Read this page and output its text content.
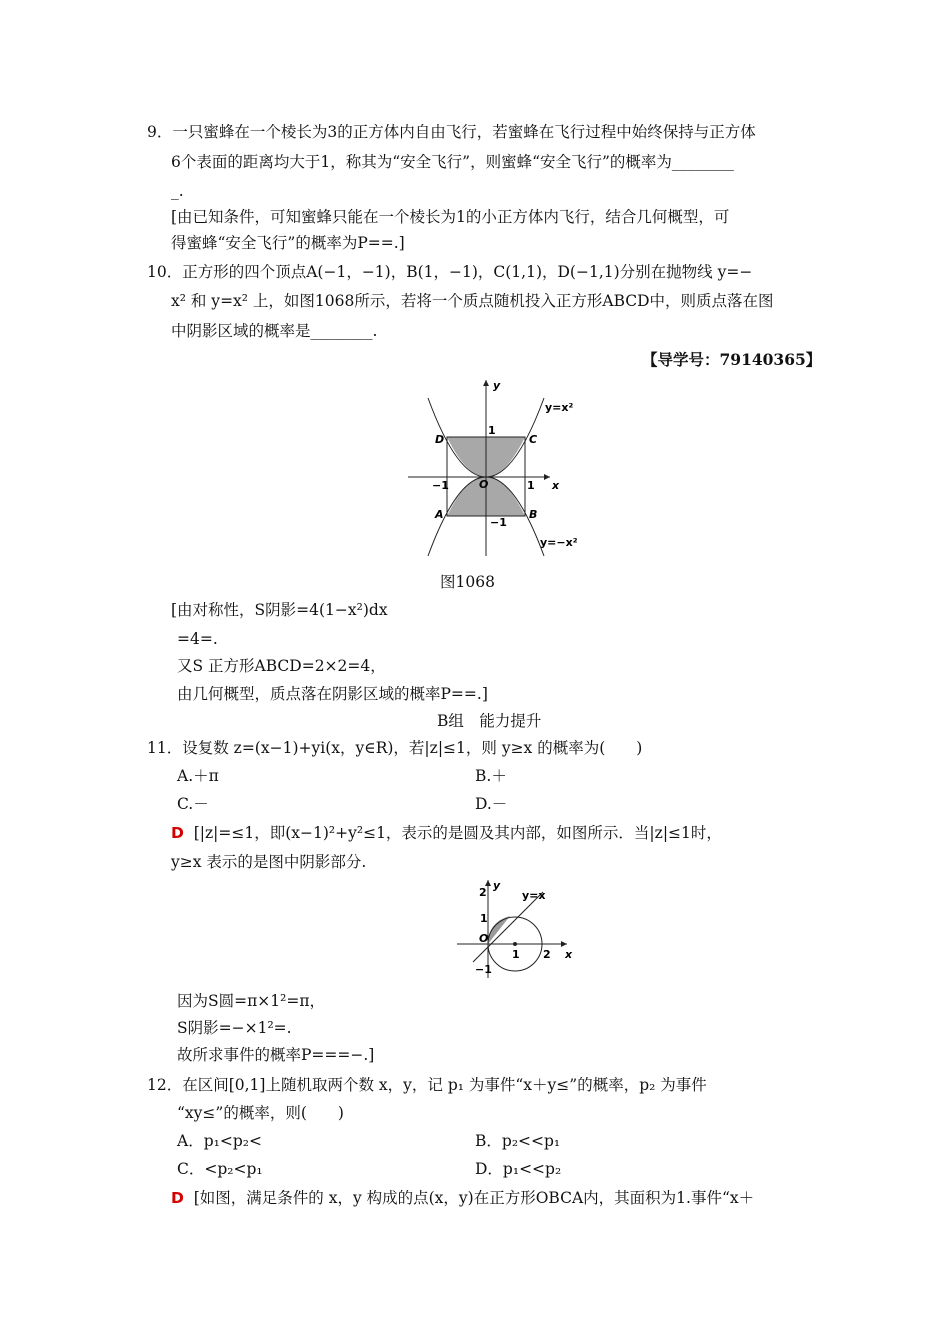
9．一只蜜蜂在一个棱长为3的正方体内自由飞行，若蜜蜂在飞行过程中始终保持与正方体
6个表面的距离均大于1，称其为“安全飞行”，则蜜蜂“安全飞行”的概率为________
_.
[由已知条件，可知蜜蜂只能在一个棱长为1的小正方体内飞行，结合几何概型，可
得蜜蜂“安全飞行”的概率为P==.]
10．正方形的四个顶点A(−1，−1)，B(1，−1)，C(1,1)，D(−1,1)分别在抛物线 y=−
x² 和 y=x² 上，如图1068所示，若将一个质点随机投入正方形ABCD中，则质点落在图
中阴影区域的概率是________.
【导学号：79140365】
y
x
O
D	C
A	B
1
−1	1
−1
y=x²
y=−x²
图1068
[由对称性，S阴影=4(1−x²)dx
=4=.
又S 正方形ABCD=2×2=4，
由几何概型，质点落在阴影区域的概率P==.]
B组　能力提升
11．设复数 z=(x−1)+yi(x，y∈R)，若|z|≤1，则 y≥x 的概率为(　　)
A.＋π	B.＋
C.－	D.－
D [|z|=≤1，即(x−1)²+y²≤1，表示的是圆及其内部，如图所示．当|z|≤1时，
y≥x 表示的是图中阴影部分.
y
x
O
y=x
2
1
−1
1 2
因为S圆=π×1²=π，
S阴影=−×1²=.
故所求事件的概率P===−.]
12．在区间[0,1]上随机取两个数 x，y，记 p₁ 为事件“x＋y≤”的概率，p₂ 为事件
“xy≤”的概率，则(　　)
A．p₁<p₂<	B．p₂<<p₁
C．<p₂<p₁	D．p₁<<p₂
D [如图，满足条件的 x，y 构成的点(x，y)在正方形OBCA内，其面积为1.事件“x＋
